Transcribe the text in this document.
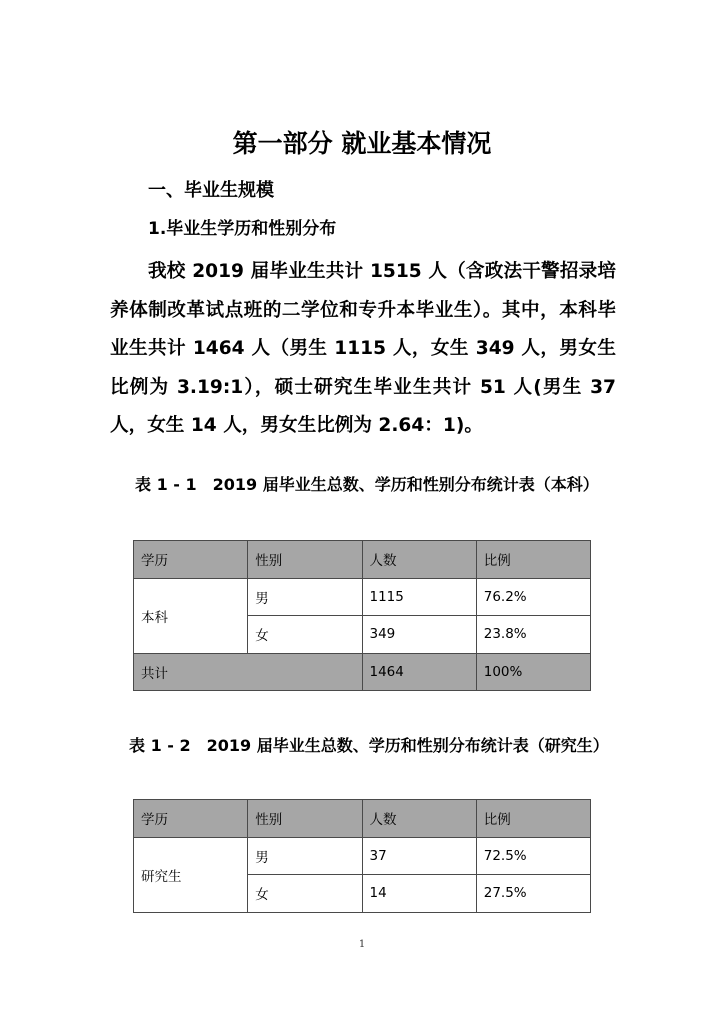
第一部分 就业基本情况
一、毕业生规模
1.毕业生学历和性别分布
我校 2019 届毕业生共计 1515 人（含政法干警招录培养体制改革试点班的二学位和专升本毕业生）。其中，本科毕业生共计 1464 人（男生 1115 人，女生 349 人，男女生比例为 3.19:1），硕士研究生毕业生共计 51 人(男生 37 人，女生 14 人，男女生比例为 2.64：1)。
表 1 - 1　2019 届毕业生总数、学历和性别分布统计表（本科）
学历	性别	人数	比例
本科	男	1115	76.2%
	女	349	23.8%
共计		1464	100%
表 1 - 2　2019 届毕业生总数、学历和性别分布统计表（研究生）
学历	性别	人数	比例
研究生	男	37	72.5%
	女	14	27.5%
1
